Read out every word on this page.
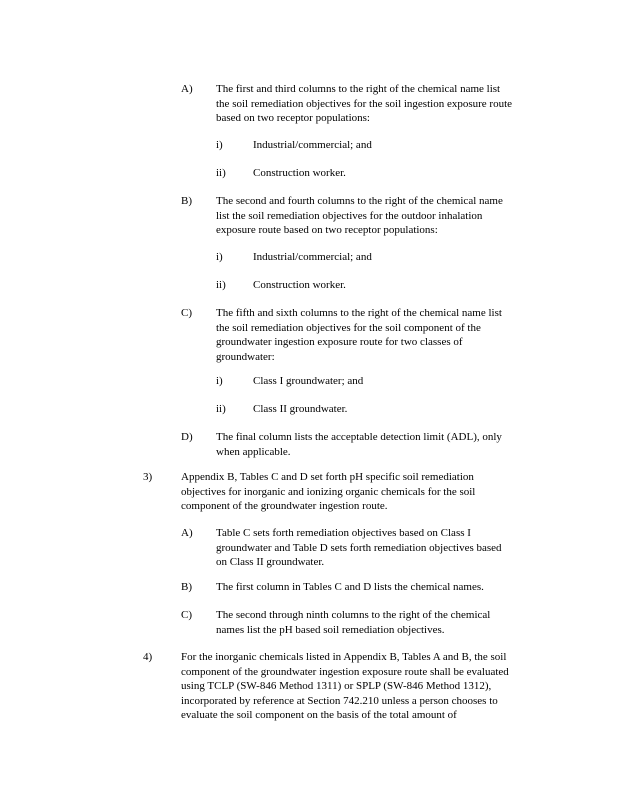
A) The first and third columns to the right of the chemical name list
the soil remediation objectives for the soil ingestion exposure route
based on two receptor populations:
i)	Industrial/commercial; and
ii) Construction worker.
B) The second and fourth columns to the right of the chemical name
list the soil remediation objectives for the outdoor inhalation
exposure route based on two receptor populations:
i)	Industrial/commercial; and
ii) Construction worker.
C) The fifth and sixth columns to the right of the chemical name list
the soil remediation objectives for the soil component of the
groundwater ingestion exposure route for two classes of
groundwater:
i)	Class I groundwater; and
ii) Class II groundwater.
D) The final column lists the acceptable detection limit (ADL), only
when applicable.
3)	Appendix B, Tables C and D set forth pH specific soil remediation
objectives for inorganic and ionizing organic chemicals for the soil
component of the groundwater ingestion route.
A) Table C sets forth remediation objectives based on Class I
groundwater and Table D sets forth remediation objectives based
on Class II groundwater.
B) The first column in Tables C and D lists the chemical names.
C) The second through ninth columns to the right of the chemical
names list the pH based soil remediation objectives.
4)	For the inorganic chemicals listed in Appendix B, Tables A and B, the soil
component of the groundwater ingestion exposure route shall be evaluated
using TCLP (SW-846 Method 1311) or SPLP (SW-846 Method 1312),
incorporated by reference at Section 742.210 unless a person chooses to
evaluate the soil component on the basis of the total amount of
